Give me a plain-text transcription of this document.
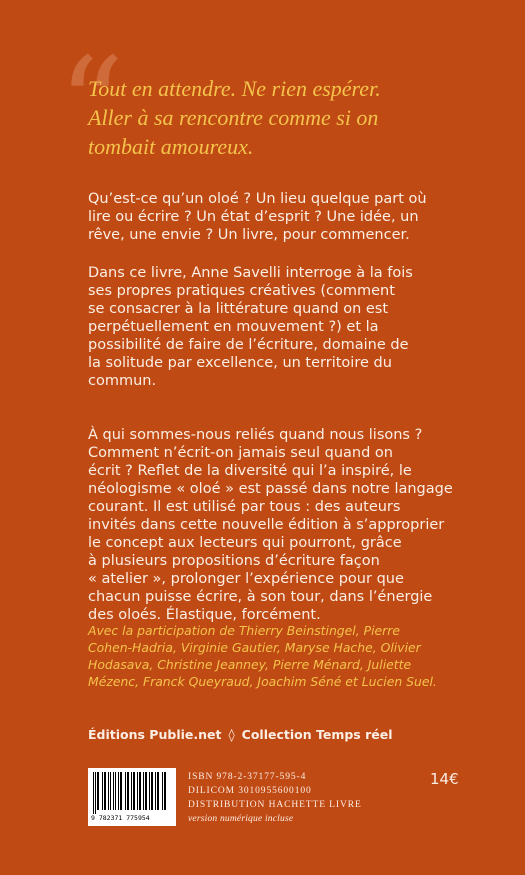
“
Tout en attendre. Ne rien espérer.
Aller à sa rencontre comme si on
tombait amoureux.
Qu’est-ce qu’un oloé ? Un lieu quelque part où
lire ou écrire ? Un état d’esprit ? Une idée, un
rêve, une envie ? Un livre, pour commencer.
Dans ce livre, Anne Savelli interroge à la fois
ses propres pratiques créatives (comment
se consacrer à la littérature quand on est
perpétuellement en mouvement ?) et la
possibilité de faire de l’écriture, domaine de
la solitude par excellence, un territoire du
commun.
À qui sommes-nous reliés quand nous lisons ?
Comment n’écrit-on jamais seul quand on
écrit ? Reflet de la diversité qui l’a inspiré, le
néologisme « oloé » est passé dans notre langage
courant. Il est utilisé par tous : des auteurs
invités dans cette nouvelle édition à s’approprier
le concept aux lecteurs qui pourront, grâce
à plusieurs propositions d’écriture façon
« atelier », prolonger l’expérience pour que
chacun puisse écrire, à son tour, dans l’énergie
des oloés. Élastique, forcément.
Avec la participation de Thierry Beinstingel, Pierre
Cohen-Hadria, Virginie Gautier, Maryse Hache, Olivier
Hodasava, Christine Jeanney, Pierre Ménard, Juliette
Mézenc, Franck Queyraud, Joachim Séné et Lucien Suel.
Éditions Publie.net ◊ Collection Temps réel
9 782371 775954
ISBN 978-2-37177-595-4
DILICOM 3010955600100
DISTRIBUTION HACHETTE LIVRE
version numérique incluse
14€
